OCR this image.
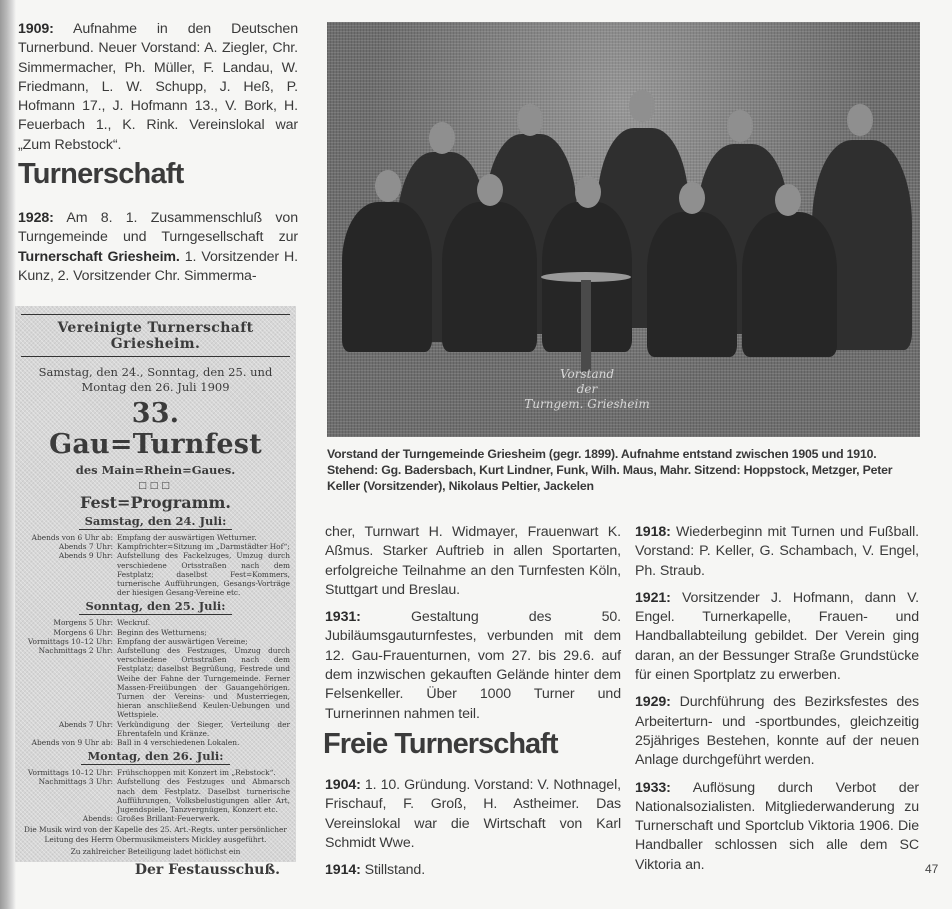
1909: Aufnahme in den Deutschen Turnerbund. Neuer Vorstand: A. Ziegler, Chr. Simmermacher, Ph. Müller, F. Landau, W. Friedmann, L. W. Schupp, J. Heß, P. Hofmann 17., J. Hofmann 13., V. Bork, H. Feuerbach 1., K. Rink. Vereinslokal war „Zum Rebstock“.

Turnerschaft

1928: Am 8. 1. Zusammenschluß von Turngemeinde und Turngesellschaft zur Turnerschaft Griesheim. 1. Vorsitzender H. Kunz, 2. Vorsitzender Chr. Simmerma-

Vereinigte Turnerschaft Griesheim.
Samstag, den 24., Sonntag, den 25. und
Montag den 26. Juli 1909
33. Gau=Turnfest
des Main=Rhein=Gaues.
□□□
Fest=Programm.
Samstag, den 24. Juli:
Abends von 6 Uhr ab: Empfang der auswärtigen Wetturner.
Abends 7 Uhr: Kampfrichter=Sitzung im „Darmstädter Hof“;
Abends 9 Uhr: Aufstellung des Fackelzuges, Umzug durch verschiedene Ortsstraßen nach dem Festplatz; daselbst Fest=Kommers, turnerische Aufführungen, Gesangs-Vorträge der hiesigen Gesang-Vereine etc.
Sonntag, den 25. Juli:
Morgens 5 Uhr: Weckruf.
Morgens 6 Uhr: Beginn des Wetturnens;
Vormittags 10–12 Uhr: Empfang der auswärtigen Vereine;
Nachmittags 2 Uhr: Aufstellung des Festzuges, Umzug durch verschiedene Ortsstraßen nach dem Festplatz; daselbst Begrüßung, Festrede und Weihe der Fahne der Turngemeinde. Ferner Massen-Freiübungen der Gauangehörigen. Turnen der Vereins- und Musterriegen, hieran anschließend Keulen-Uebungen und Wettspiele.
Abends 7 Uhr: Verkündigung der Sieger, Verteilung der Ehrentafeln und Kränze.
Abends von 9 Uhr ab: Ball in 4 verschiedenen Lokalen.
Montag, den 26. Juli:
Vormittags 10–12 Uhr: Frühschoppen mit Konzert im „Rebstock“.
Nachmittags 3 Uhr: Aufstellung des Festzuges und Abmarsch nach dem Festplatz. Daselbst turnerische Aufführungen, Volksbelustigungen aller Art, Jugendspiele, Tanzvergnügen, Konzert etc.
Abends: Großes Brillant-Feuerwerk.
Die Musik wird von der Kapelle des 25. Art.-Regts. unter persönlicher Leitung des Herrn Obermusikmeisters Mickley ausgeführt.
Zu zahlreicher Beteiligung ladet höflichst ein
Der Festausschuß.
Vorstand
der
Turngem. Griesheim
Vorstand der Turngemeinde Griesheim (gegr. 1899). Aufnahme entstand zwischen 1905 und 1910. Stehend: Gg. Badersbach, Kurt Lindner, Funk, Wilh. Maus, Mahr. Sitzend: Hoppstock, Metzger, Peter Keller (Vorsitzender), Nikolaus Peltier, Jackelen

cher, Turnwart H. Widmayer, Frauenwart K. Aßmus. Starker Auftrieb in allen Sportarten, erfolgreiche Teilnahme an den Turnfesten Köln, Stuttgart und Breslau.

1931: Gestaltung des 50. Jubiläumsgauturnfestes, verbunden mit dem 12. Gau-Frauenturnen, vom 27. bis 29.6. auf dem inzwischen gekauften Gelände hinter dem Felsenkeller. Über 1000 Turner und Turnerinnen nahmen teil.

Freie Turnerschaft

1904: 1. 10. Gründung. Vorstand: V. Nothnagel, Frischauf, F. Groß, H. Astheimer. Das Vereinslokal war die Wirtschaft von Karl Schmidt Wwe.

1914: Stillstand.

1918: Wiederbeginn mit Turnen und Fußball. Vorstand: P. Keller, G. Schambach, V. Engel, Ph. Straub.

1921: Vorsitzender J. Hofmann, dann V. Engel. Turnerkapelle, Frauen- und Handballabteilung gebildet. Der Verein ging daran, an der Bessunger Straße Grundstücke für einen Sportplatz zu erwerben.

1929: Durchführung des Bezirksfestes des Arbeiterturn- und -sportbundes, gleichzeitig 25jähriges Bestehen, konnte auf der neuen Anlage durchgeführt werden.

1933: Auflösung durch Verbot der Nationalsozialisten. Mitgliederwanderung zu Turnerschaft und Sportclub Viktoria 1906. Die Handballer schlossen sich alle dem SC Viktoria an.	47
